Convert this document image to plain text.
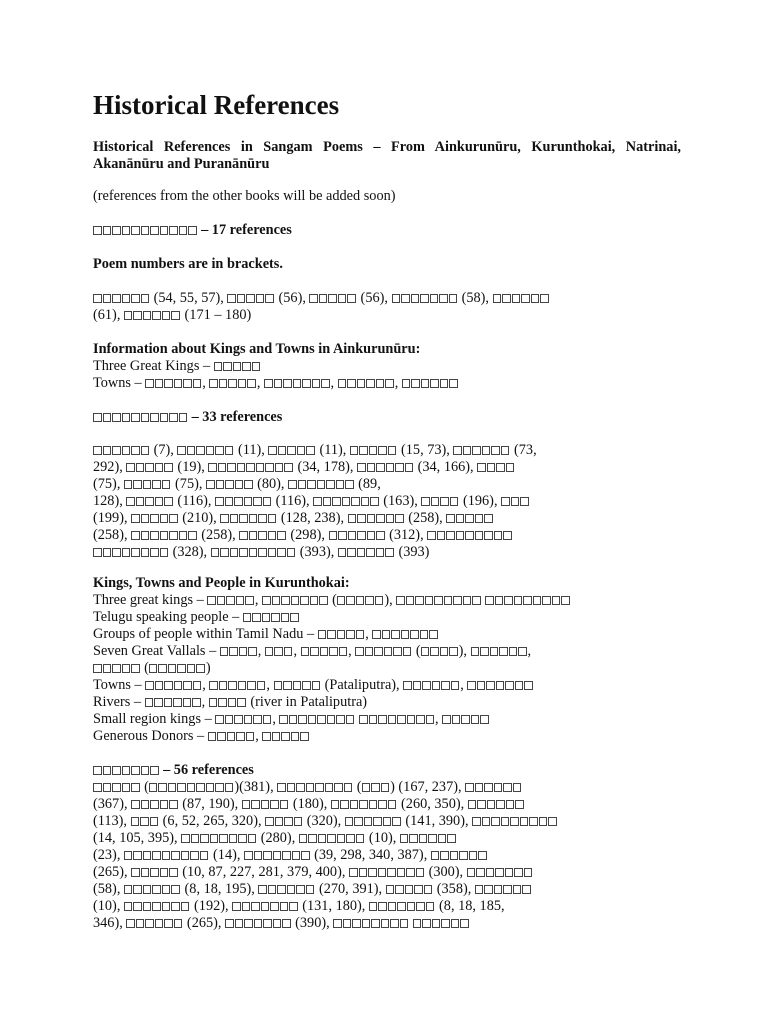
Historical References
Historical References in Sangam Poems – From Ainkurunūru, Kurunthokai, Natrinai, Akanānūru and Puranānūru
(references from the other books will be added soon)
– 17 references
Poem numbers are in brackets.
(54, 55, 57),	(56),	(56),	(58),
(61),	(171 – 180)
Information about Kings and Towns in Ainkurunūru:
Three Great Kings –
Towns –	,	,	,	,
– 33 references
(7),	(11),	(11),	(15, 73),	(73,
292),	(19),	(34, 178),	(34, 166),
(75),	(75),	(80),	(89,
128),	(116),	(116),	(163),	(196),
(199),	(210),	(128, 238),	(258),
(258),	(258),	(298),	(312),
(328),	(393),	(393)
Kings, Towns and People in Kurunthokai:
Three great kings –	,	(	),
Telugu speaking people –
Groups of people within Tamil Nadu –	,
Seven Great Vallals –	, ,	,	(	),	,
(	)
Towns –	,	,	(Pataliputra),	,
Rivers –	,	(river in Pataliputra)
Small region kings –	,	,
Generous Donors –	,
– 56 references
(	)(381),	( ) (167, 237),
(367),	(87, 190),	(180),	(260, 350),
(113),  (6, 52, 265, 320),	(320),	(141, 390),
(14, 105, 395),	(280),	(10),
(23),	(14),	(39, 298, 340, 387),
(265),	(10, 87, 227, 281, 379, 400),	(300),
(58),	(8, 18, 195),	(270, 391),	(358),
(10),	(192),	(131, 180),	(8, 18, 185,
346),	(265),	(390),
